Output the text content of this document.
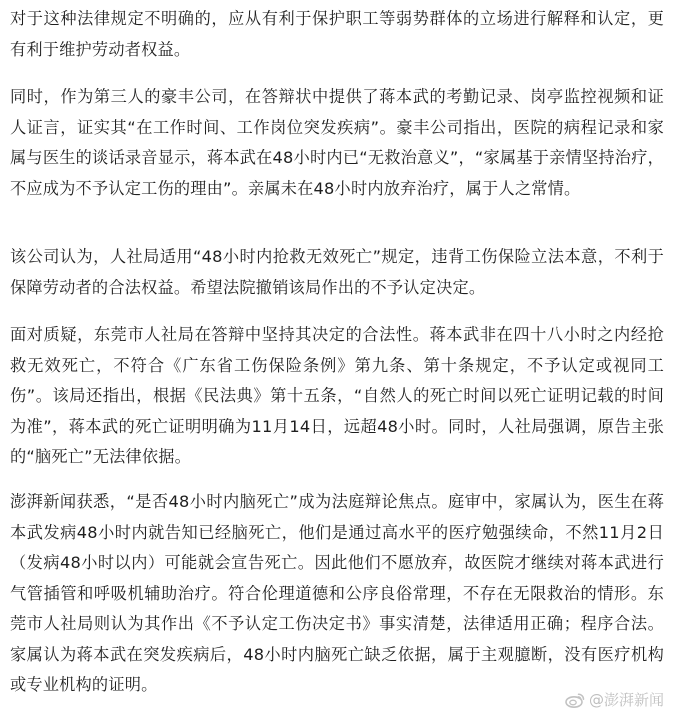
对于这种法律规定不明确的，应从有利于保护职工等弱势群体的立场进行解释和认定，更有利于维护劳动者权益。

同时，作为第三人的豪丰公司，在答辩状中提供了蒋本武的考勤记录、岗亭监控视频和证人证言，证实其“在工作时间、工作岗位突发疾病”。豪丰公司指出，医院的病程记录和家属与医生的谈话录音显示，蒋本武在48小时内已“无救治意义”，“家属基于亲情坚持治疗，不应成为不予认定工伤的理由”。亲属未在48小时内放弃治疗，属于人之常情。

该公司认为，人社局适用“48小时内抢救无效死亡”规定，违背工伤保险立法本意，不利于保障劳动者的合法权益。希望法院撤销该局作出的不予认定决定。

面对质疑，东莞市人社局在答辩中坚持其决定的合法性。蒋本武非在四十八小时之内经抢救无效死亡，不符合《广东省工伤保险条例》第九条、第十条规定，不予认定或视同工伤”。该局还指出，根据《民法典》第十五条，“自然人的死亡时间以死亡证明记载的时间为准”，蒋本武的死亡证明明确为11月14日，远超48小时。同时，人社局强调，原告主张的“脑死亡”无法律依据。

澎湃新闻获悉，“是否48小时内脑死亡”成为法庭辩论焦点。庭审中，家属认为，医生在蒋本武发病48小时内就告知已经脑死亡，他们是通过高水平的医疗勉强续命，不然11月2日（发病48小时以内）可能就会宣告死亡。因此他们不愿放弃，故医院才继续对蒋本武进行气管插管和呼吸机辅助治疗。符合伦理道德和公序良俗常理，不存在无限救治的情形。东莞市人社局则认为其作出《不予认定工伤决定书》事实清楚，法律适用正确；程序合法。家属认为蒋本武在突发疾病后，48小时内脑死亡缺乏依据，属于主观臆断，没有医疗机构或专业机构的证明。

@澎湃新闻
